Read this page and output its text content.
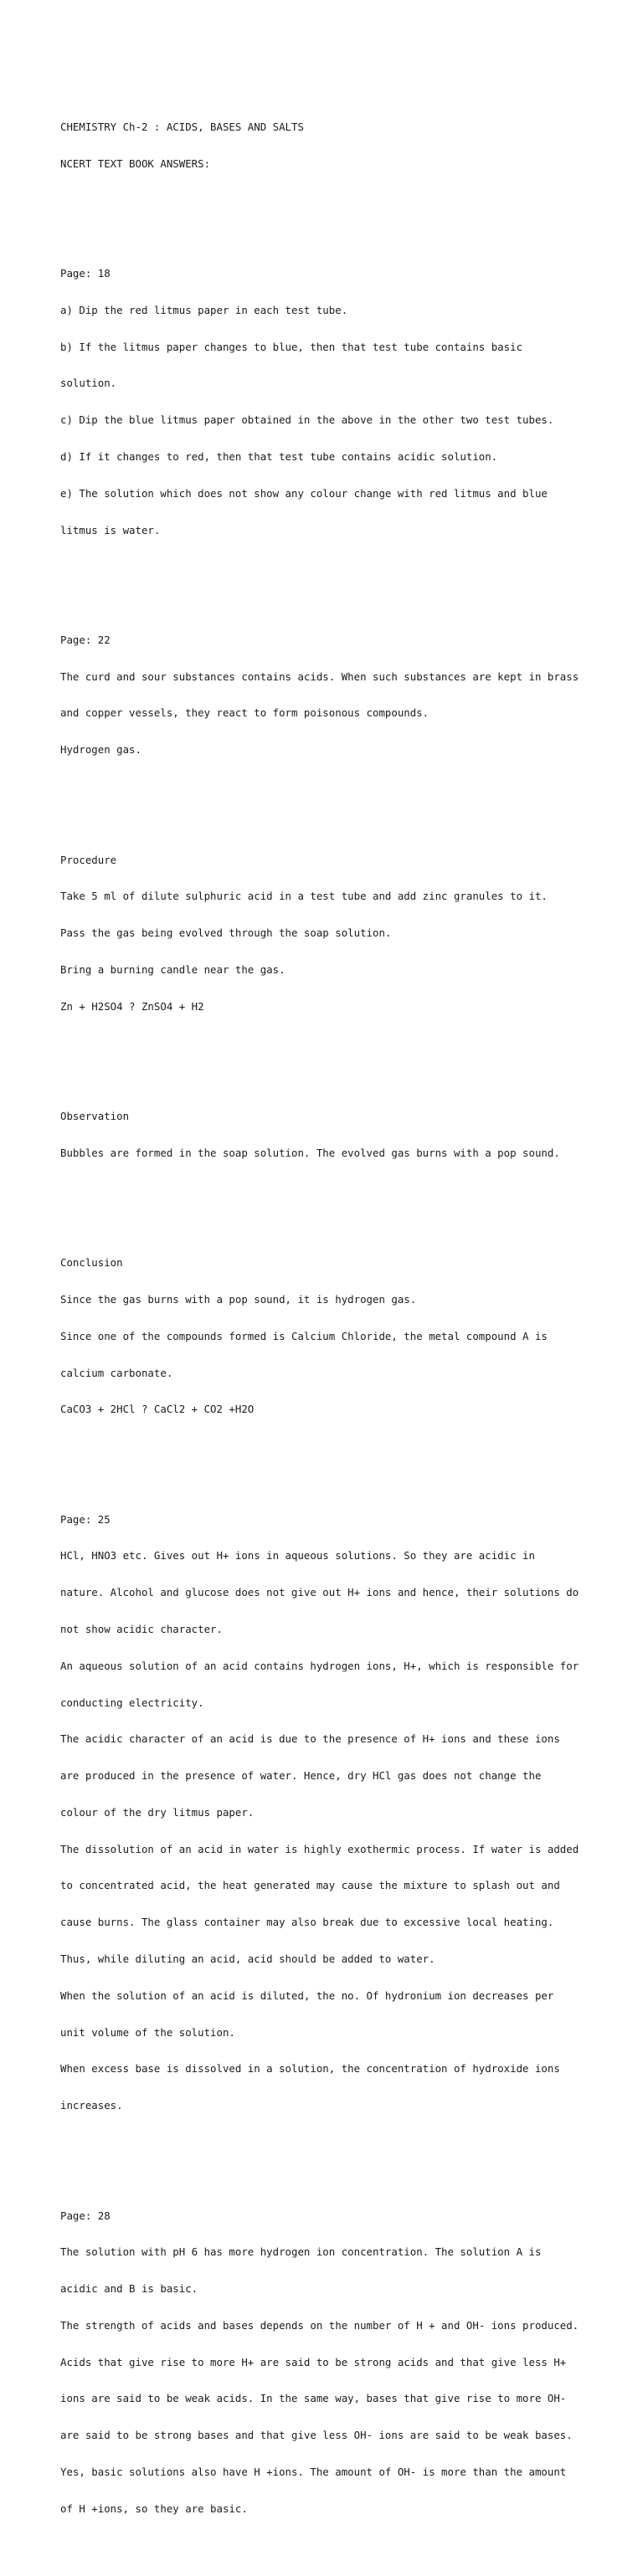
CHEMISTRY Ch-2 : ACIDS, BASES AND SALTS

NCERT TEXT BOOK ANSWERS:

Page: 18

a) Dip the red litmus paper in each test tube.

b) If the litmus paper changes to blue, then that test tube contains basic

solution.

c) Dip the blue litmus paper obtained in the above in the other two test tubes.

d) If it changes to red, then that test tube contains acidic solution.

e) The solution which does not show any colour change with red litmus and blue

litmus is water.

Page: 22

The curd and sour substances contains acids. When such substances are kept in brass

and copper vessels, they react to form poisonous compounds.

Hydrogen gas.

Procedure

Take 5 ml of dilute sulphuric acid in a test tube and add zinc granules to it.

Pass the gas being evolved through the soap solution.

Bring a burning candle near the gas.

Zn + H2SO4 ? ZnSO4 + H2

Observation

Bubbles are formed in the soap solution. The evolved gas burns with a pop sound.

Conclusion

Since the gas burns with a pop sound, it is hydrogen gas.

Since one of the compounds formed is Calcium Chloride, the metal compound A is

calcium carbonate.

CaCO3 + 2HCl ? CaCl2 + CO2 +H2O

Page: 25

HCl, HNO3 etc. Gives out H+ ions in aqueous solutions. So they are acidic in

nature. Alcohol and glucose does not give out H+ ions and hence, their solutions do

not show acidic character.

An aqueous solution of an acid contains hydrogen ions, H+, which is responsible for

conducting electricity.

The acidic character of an acid is due to the presence of H+ ions and these ions

are produced in the presence of water. Hence, dry HCl gas does not change the

colour of the dry litmus paper.

The dissolution of an acid in water is highly exothermic process. If water is added

to concentrated acid, the heat generated may cause the mixture to splash out and

cause burns. The glass container may also break due to excessive local heating.

Thus, while diluting an acid, acid should be added to water.

When the solution of an acid is diluted, the no. Of hydronium ion decreases per

unit volume of the solution.

When excess base is dissolved in a solution, the concentration of hydroxide ions

increases.

Page: 28

The solution with pH 6 has more hydrogen ion concentration. The solution A is

acidic and B is basic.

The strength of acids and bases depends on the number of H + and OH- ions produced.

Acids that give rise to more H+ are said to be strong acids and that give less H+

ions are said to be weak acids. In the same way, bases that give rise to more OH-

are said to be strong bases and that give less OH- ions are said to be weak bases.

Yes, basic solutions also have H +ions. The amount of OH- is more than the amount

of H +ions, so they are basic.
